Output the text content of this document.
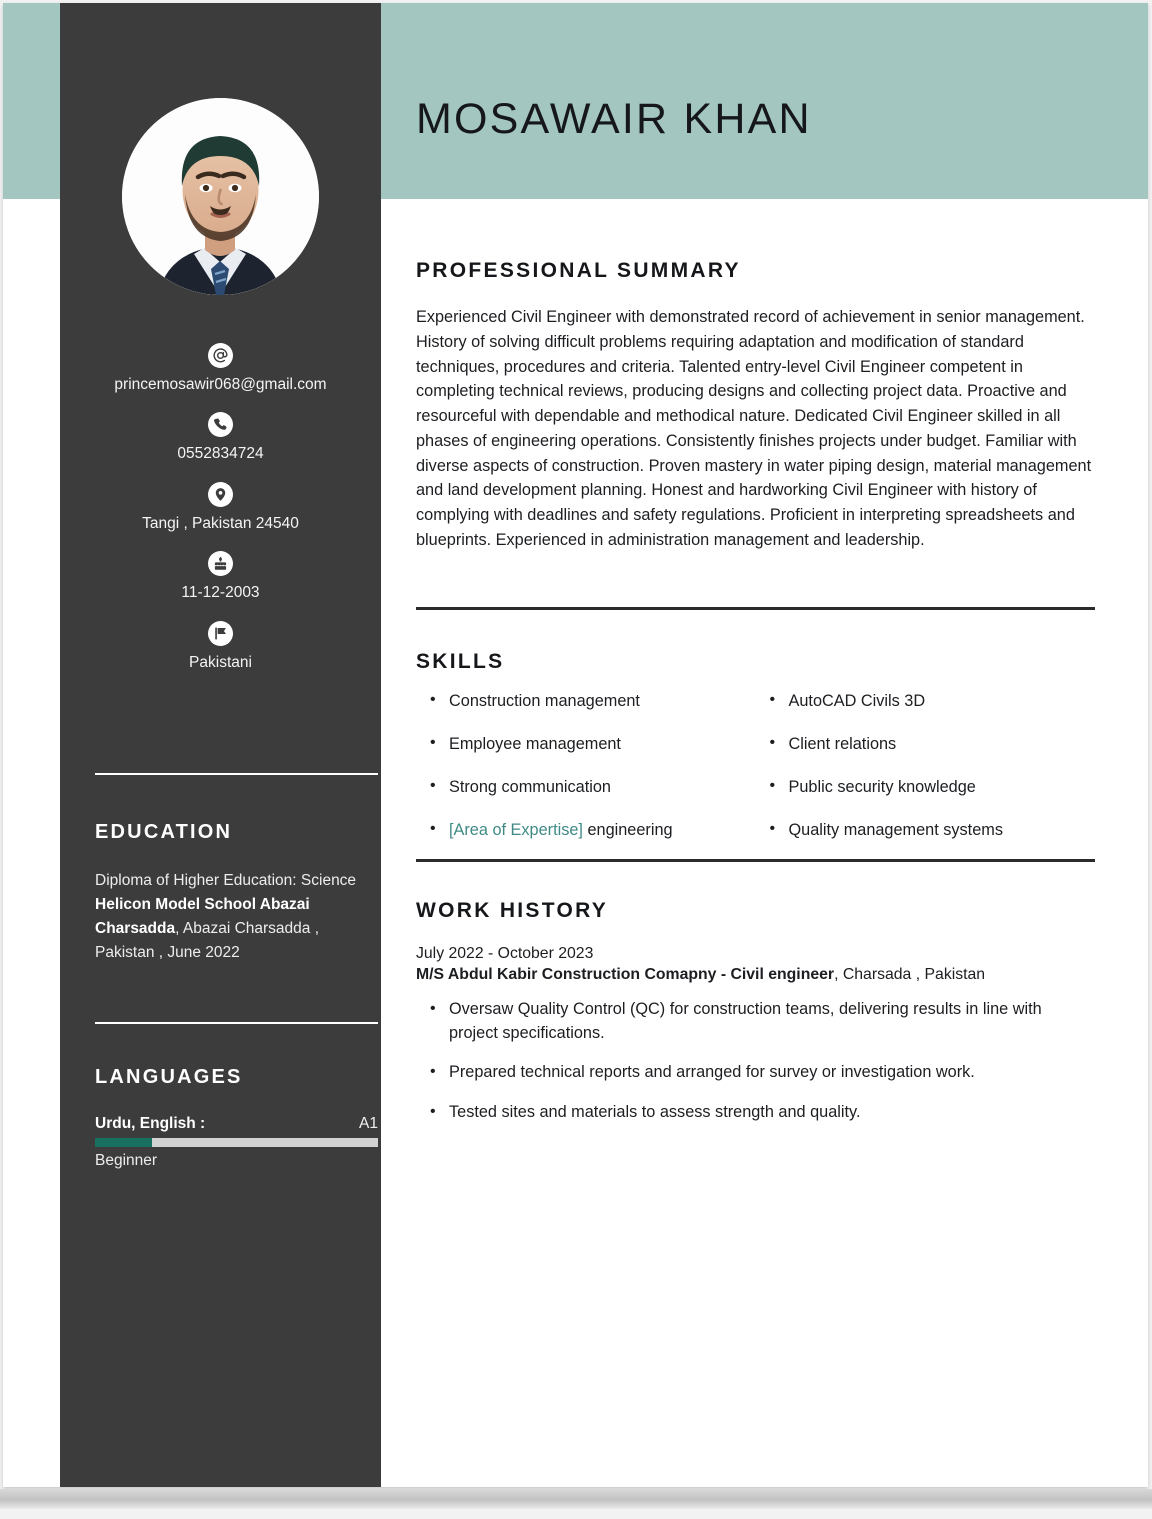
MOSAWAIR KHAN
princemosawir068@gmail.com
0552834724
Tangi , Pakistan 24540
11-12-2003
Pakistani
EDUCATION
Diploma of Higher Education: Science
Helicon Model School Abazai Charsadda, Abazai Charsadda , Pakistan , June 2022
LANGUAGES
Urdu, English :	A1
Beginner
PROFESSIONAL SUMMARY
Experienced Civil Engineer with demonstrated record of achievement in senior management. History of solving difficult problems requiring adaptation and modification of standard techniques, procedures and criteria. Talented entry-level Civil Engineer competent in completing technical reviews, producing designs and collecting project data. Proactive and resourceful with dependable and methodical nature. Dedicated Civil Engineer skilled in all phases of engineering operations. Consistently finishes projects under budget. Familiar with diverse aspects of construction. Proven mastery in water piping design, material management and land development planning. Honest and hardworking Civil Engineer with history of complying with deadlines and safety regulations. Proficient in interpreting spreadsheets and blueprints. Experienced in administration management and leadership.
SKILLS
• Construction management
• Employee management
• Strong communication
• [Area of Expertise] engineering
• AutoCAD Civils 3D
• Client relations
• Public security knowledge
• Quality management systems
WORK HISTORY
July 2022 - October 2023
M/S Abdul Kabir Construction Comapny - Civil engineer, Charsada , Pakistan
• Oversaw Quality Control (QC) for construction teams, delivering results in line with project specifications.
• Prepared technical reports and arranged for survey or investigation work.
• Tested sites and materials to assess strength and quality.
